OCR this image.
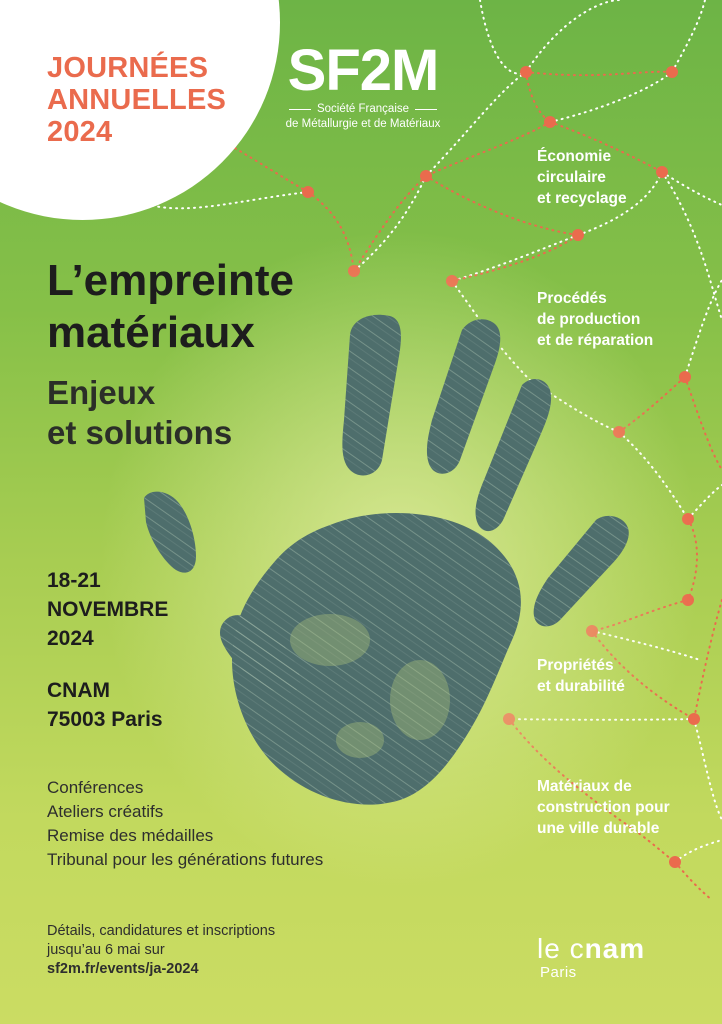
JOURNÉES
ANNUELLES
2024
SF2M
Société Française
de Métallurgie et de Matériaux
L’empreinte
matériaux
Enjeux
et solutions
18-21
NOVEMBRE
2024
CNAM
75003 Paris
Conférences
Ateliers créatifs
Remise des médailles
Tribunal pour les générations futures
Détails, candidatures et inscriptions
jusqu’au 6 mai sur
sf2m.fr/events/ja-2024
Économie
circulaire
et recyclage
Procédés
de production
et de réparation
Propriétés
et durabilité
Matériaux de
construction pour
une ville durable
le cnam
Paris
